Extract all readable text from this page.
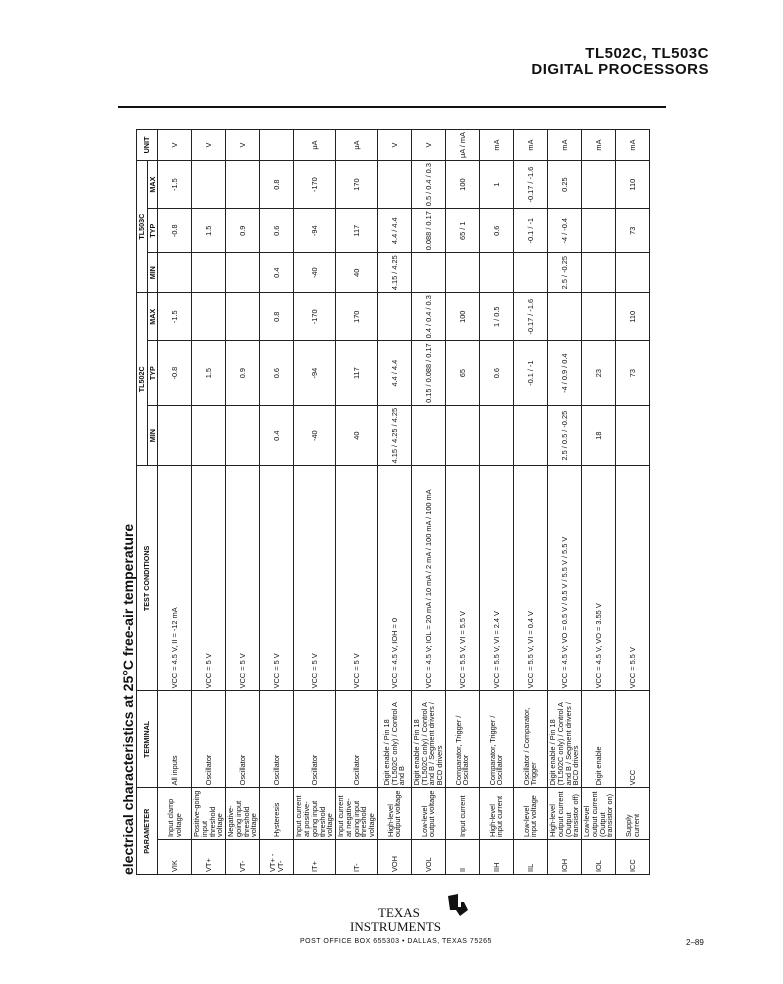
TL502C, TL503C
DIGITAL PROCESSORS
electrical characteristics at 25°C free-air temperature PARAMETER		TERMINAL	TEST CONDITIONS	TL502C			TL503C			UNIT
				MIN	TYP	MAX	MIN	TYP	MAX	
VIK	Input clamp voltage	All inputs	VCC = 4.5 V, II = -12 mA		-0.8	-1.5		-0.8	-1.5	V
VT+	Positive-going input threshold voltage	Oscillator	VCC = 5 V		1.5			1.5		V
VT-	Negative-going input threshold voltage	Oscillator	VCC = 5 V		0.9			0.9		V
VT+ - VT-	Hysteresis	Oscillator	VCC = 5 V	0.4	0.6	0.8	0.4	0.6	0.8	
IT+	Input current at positive-going input threshold voltage	Oscillator	VCC = 5 V	-40	-94	-170	-40	-94	-170	μA
IT-	Input current at negative-going input threshold voltage	Oscillator	VCC = 5 V	40	117	170	40	117	170	μA
VOH	High-level output voltage	Digit enable / Pin 18 (TL502C only) / Control A and B	VCC = 4.5 V, IOH = 0	4.15 / 4.25 / 4.25	4.4 / 4.4		4.15 / 4.25	4.4 / 4.4		V
VOL	Low-level output voltage	Digit enable / Pin 18 (TL502C only) / Control A and B / Segment drivers / BCD drivers	VCC = 4.5 V; IOL = 20 mA / 10 mA / 2 mA / 100 mA / 100 mA		0.15 / 0.088 / 0.17	0.4 / 0.4 / 0.3		0.088 / 0.17	0.5 / 0.4 / 0.3	V
II	Input current	Comparator, Trigger / Oscillator	VCC = 5.5 V, VI = 5.5 V		65	100		65 / 1	100	μA / mA
IIH	High-level input current	Comparator, Trigger / Oscillator	VCC = 5.5 V, VI = 2.4 V		0.6	1 / 0.5		0.6	1	mA
IIL	Low-level input voltage	Oscillator / Comparator, Trigger	VCC = 5.5 V, VI = 0.4 V		-0.1 / -1	-0.17 / -1.6		-0.1 / -1	-0.17 / -1.6	mA
IOH	High-level output current (Output transistor off)	Digit enable / Pin 18 (TL502C only) / Control A and B / Segment drivers / BCD drivers	VCC = 4.5 V; VO = 0.5 V / 0.5 V / 5.5 V / 5.5 V	2.5 / 0.5 / -0.25	-4 / 0.9 / 0.4		2.5 / -0.25	-4 / -0.4	0.25	mA
IOL	Low-level output current (Output transistor on)	Digit enable	VCC = 4.5 V, VO = 3.55 V	18	23					mA
ICC	Supply current	VCC	VCC = 5.5 V		73	110		73	110	mA
TEXAS
INSTRUMENTS
POST OFFICE BOX 655303 • DALLAS, TEXAS 75265	2–89
